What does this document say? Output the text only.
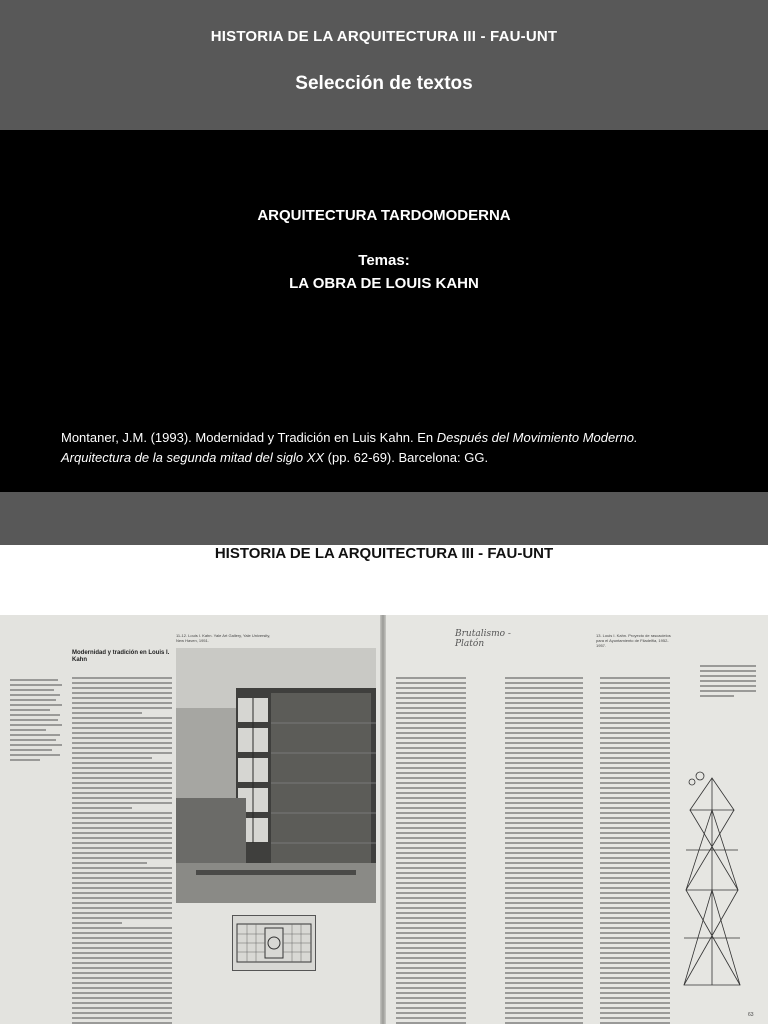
HISTORIA DE LA ARQUITECTURA III - FAU-UNT
Selección de textos
ARQUITECTURA TARDOMODERNA
Temas:
LA OBRA DE LOUIS KAHN
Montaner, J.M. (1993). Modernidad y Tradición en Luis Kahn. En Después del Movimiento Moderno.
Arquitectura de la segunda mitad del siglo XX (pp. 62-69). Barcelona: GG.
HISTORIA DE LA ARQUITECTURA III - FAU-UNT
Modernidad y tradición en Louis I. Kahn
11-12. Louis I. Kahn. Yale Art Gallery, Yale University, New Haven, 1951.
Brutalismo - Platón
13. Louis I. Kahn. Proyecto de rascacielos para el Ayuntamiento de Filadelfia, 1952-1957.
63
